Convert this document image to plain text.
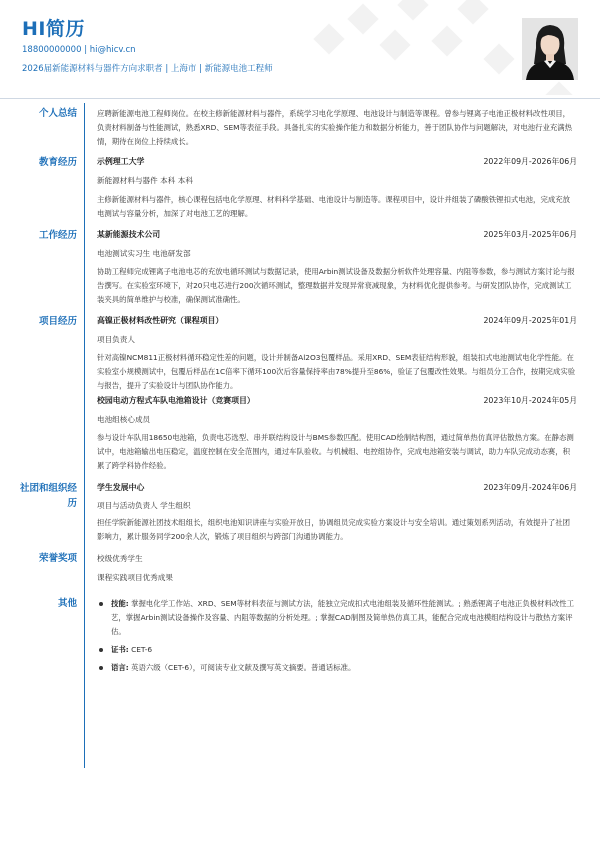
HI简历
18800000000 | hi@hicv.cn
2026届新能源材料与器件方向求职者 | 上海市 | 新能源电池工程师
个人总结	应聘新能源电池工程师岗位。在校主修新能源材料与器件，系统学习电化学原理、电池设计与制造等课程。曾参与锂离子电池正极材料改性项目，负责材料制备与性能测试，熟悉XRD、SEM等表征手段。具备扎实的实验操作能力和数据分析能力，善于团队协作与问题解决，对电池行业充满热情，期待在岗位上持续成长。

教育经历	示例理工大学	2022年09月-2026年06月
新能源材料与器件 本科 本科

主修新能源材料与器件，核心课程包括电化学原理、材料科学基础、电池设计与制造等。课程项目中，设计并组装了磷酸铁锂扣式电池，完成充放电测试与容量分析，加深了对电池工艺的理解。

工作经历	某新能源技术公司	2025年03月-2025年06月
电池测试实习生 电池研发部

协助工程师完成锂离子电池电芯的充放电循环测试与数据记录，使用Arbin测试设备及数据分析软件处理容量、内阻等参数，参与测试方案讨论与报告撰写。在实验室环境下，对20只电芯进行200次循环测试，整理数据并发现异常衰减现象，为材料优化提供参考。与研发团队协作，完成测试工装夹具的简单维护与校准，确保测试准确性。

项目经历	高镍正极材料改性研究（课程项目）	2024年09月-2025年01月
项目负责人

针对高镍NCM811正极材料循环稳定性差的问题，设计并制备Al2O3包覆样品。采用XRD、SEM表征结构形貌，组装扣式电池测试电化学性能。在实验室小规模测试中，包覆后样品在1C倍率下循环100次后容量保持率由78%提升至86%，验证了包覆改性效果。与组员分工合作，按期完成实验与报告，提升了实验设计与团队协作能力。

校园电动方程式车队电池箱设计（竞赛项目）	2023年10月-2024年05月
电池组核心成员

参与设计车队用18650电池箱，负责电芯选型、串并联结构设计与BMS参数匹配。使用CAD绘制结构图，通过简单热仿真评估散热方案。在静态测试中，电池箱输出电压稳定，温度控制在安全范围内，通过车队验收。与机械组、电控组协作，完成电池箱安装与调试，助力车队完成动态赛，积累了跨学科协作经验。

社团和组织经历
学生发展中心	2023年09月-2024年06月
项目与活动负责人 学生组织

担任学院新能源社团技术组组长，组织电池知识讲座与实验开放日，协调组员完成实验方案设计与安全培训。通过策划系列活动，有效提升了社团影响力，累计服务同学200余人次，锻炼了项目组织与跨部门沟通协调能力。

荣誉奖项	校级优秀学生
课程实践项目优秀成果
其他	技能: 掌握电化学工作站、XRD、SEM等材料表征与测试方法，能独立完成扣式电池组装及循环性能测试。; 熟悉锂离子电池正负极材料改性工艺，掌握Arbin测试设备操作及容量、内阻等数据的分析处理。; 掌握CAD制图及简单热仿真工具，能配合完成电池模组结构设计与散热方案评估。
证书: CET-6
语言: 英语六级（CET-6），可阅读专业文献及撰写英文摘要。普通话标准。
